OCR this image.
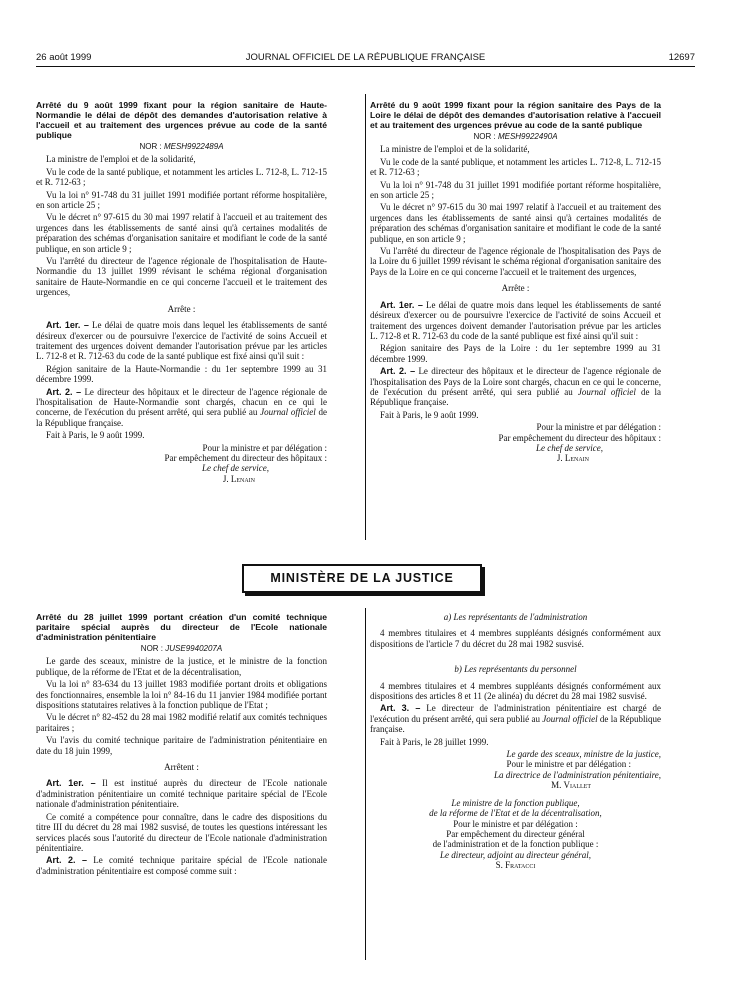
JOURNAL OFFICIEL DE LA RÉPUBLIQUE FRANÇAISE
26 août 1999	12697

Arrêté du 9 août 1999 fixant pour la région sanitaire de Haute-Normandie le délai de dépôt des demandes d'autorisation relative à l'accueil et au traitement des urgences prévue au code de la santé publique

NOR : MESH9922489A

La ministre de l'emploi et de la solidarité,

Vu le code de la santé publique, et notamment les articles L. 712-8, L. 712-15 et R. 712-63 ;

Vu la loi n° 91-748 du 31 juillet 1991 modifiée portant réforme hospitalière, en son article 25 ;

Vu le décret n° 97-615 du 30 mai 1997 relatif à l'accueil et au traitement des urgences dans les établissements de santé ainsi qu'à certaines modalités de préparation des schémas d'organisation sanitaire et modifiant le code de la santé publique, en son article 9 ;

Vu l'arrêté du directeur de l'agence régionale de l'hospitalisation de Haute-Normandie du 13 juillet 1999 révisant le schéma régional d'organisation sanitaire de Haute-Normandie en ce qui concerne l'accueil et le traitement des urgences,

Arrête :

Art. 1er. – Le délai de quatre mois dans lequel les établissements de santé désireux d'exercer ou de poursuivre l'exercice de l'activité de soins Accueil et traitement des urgences doivent demander l'autorisation prévue par les articles L. 712-8 et R. 712-63 du code de la santé publique est fixé ainsi qu'il suit :

Région sanitaire de la Haute-Normandie : du 1er septembre 1999 au 31 décembre 1999.

Art. 2. – Le directeur des hôpitaux et le directeur de l'agence régionale de l'hospitalisation de Haute-Normandie sont chargés, chacun en ce qui le concerne, de l'exécution du présent arrêté, qui sera publié au Journal officiel de la République française.

Fait à Paris, le 9 août 1999.

Pour la ministre et par délégation :

Par empêchement du directeur des hôpitaux :

Le chef de service,

J. Lenain

Arrêté du 9 août 1999 fixant pour la région sanitaire des Pays de la Loire le délai de dépôt des demandes d'autorisation relative à l'accueil et au traitement des urgences prévue au code de la santé publique

NOR : MESH9922490A

La ministre de l'emploi et de la solidarité,

Vu le code de la santé publique, et notamment les articles L. 712-8, L. 712-15 et R. 712-63 ;

Vu la loi n° 91-748 du 31 juillet 1991 modifiée portant réforme hospitalière, en son article 25 ;

Vu le décret n° 97-615 du 30 mai 1997 relatif à l'accueil et au traitement des urgences dans les établissements de santé ainsi qu'à certaines modalités de préparation des schémas d'organisation sanitaire et modifiant le code de la santé publique, en son article 9 ;

Vu l'arrêté du directeur de l'agence régionale de l'hospitalisation des Pays de la Loire du 6 juillet 1999 révisant le schéma régional d'organisation sanitaire des Pays de la Loire en ce qui concerne l'accueil et le traitement des urgences,

Arrête :

Art. 1er. – Le délai de quatre mois dans lequel les établissements de santé désireux d'exercer ou de poursuivre l'exercice de l'activité de soins Accueil et traitement des urgences doivent demander l'autorisation prévue par les articles L. 712-8 et R. 712-63 du code de la santé publique est fixé ainsi qu'il suit :

Région sanitaire des Pays de la Loire : du 1er septembre 1999 au 31 décembre 1999.

Art. 2. – Le directeur des hôpitaux et le directeur de l'agence régionale de l'hospitalisation des Pays de la Loire sont chargés, chacun en ce qui le concerne, de l'exécution du présent arrêté, qui sera publié au Journal officiel de la République française.

Fait à Paris, le 9 août 1999.

Pour la ministre et par délégation :

Par empêchement du directeur des hôpitaux :

Le chef de service,

J. Lenain

MINISTÈRE DE LA JUSTICE

Arrêté du 28 juillet 1999 portant création d'un comité technique paritaire spécial auprès du directeur de l'Ecole nationale d'administration pénitentiaire

NOR : JUSE9940207A

Le garde des sceaux, ministre de la justice, et le ministre de la fonction publique, de la réforme de l'Etat et de la décentralisation,

Vu la loi n° 83-634 du 13 juillet 1983 modifiée portant droits et obligations des fonctionnaires, ensemble la loi n° 84-16 du 11 janvier 1984 modifiée portant dispositions statutaires relatives à la fonction publique de l'Etat ;

Vu le décret n° 82-452 du 28 mai 1982 modifié relatif aux comités techniques paritaires ;

Vu l'avis du comité technique paritaire de l'administration pénitentiaire en date du 18 juin 1999,

Arrêtent :

Art. 1er. – Il est institué auprès du directeur de l'Ecole nationale d'administration pénitentiaire un comité technique paritaire spécial de l'Ecole nationale d'administration pénitentiaire.

Ce comité a compétence pour connaître, dans le cadre des dispositions du titre III du décret du 28 mai 1982 susvisé, de toutes les questions intéressant les services placés sous l'autorité du directeur de l'Ecole nationale d'administration pénitentiaire.

Art. 2. – Le comité technique paritaire spécial de l'Ecole nationale d'administration pénitentiaire est composé comme suit :

a) Les représentants de l'administration

4 membres titulaires et 4 membres suppléants désignés conformément aux dispositions de l'article 7 du décret du 28 mai 1982 susvisé.

b) Les représentants du personnel

4 membres titulaires et 4 membres suppléants désignés conformément aux dispositions des articles 8 et 11 (2e alinéa) du décret du 28 mai 1982 susvisé.

Art. 3. – Le directeur de l'administration pénitentiaire est chargé de l'exécution du présent arrêté, qui sera publié au Journal officiel de la République française.

Fait à Paris, le 28 juillet 1999.

Le garde des sceaux, ministre de la justice,

Pour le ministre et par délégation :

La directrice de l'administration pénitentiaire,

M. Viallet

Le ministre de la fonction publique,

de la réforme de l'Etat et de la décentralisation,

Pour le ministre et par délégation :

Par empêchement du directeur général

de l'administration et de la fonction publique :

Le directeur, adjoint au directeur général,

S. Fratacci
